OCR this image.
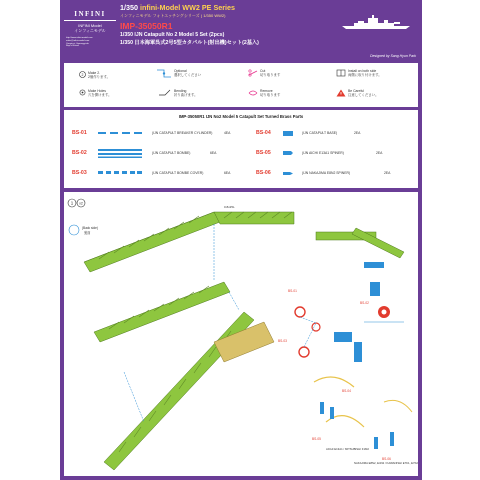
INFINI
INFINI Model
インフィニモデル
http://www.infini-model.com
order@infini-model.com
Yongin-si, Gyeonggi-do
Rep of Korea
1/350 infini-Model WW2 PE Series
インフィニモデル フォトエッチングシリーズ ( 1/350 WW2)
IMP-35050R1
1/350 IJN Catapult No 2 Model 5 Set (2pcs)
1/350 日本海軍呉式2号5型カタパルト(射出機)セット(2基入)
Designed by Sang Hyun Park
2 Make 2.
2個作ります。
Optional
選択してください
Cut
切り取ります
Install on both side
両側に取り付けます。
Make Holes
穴を開けます。
Bending
折り曲げます。
Remove
切り取ります
Be Careful
注意してください。
IMP-35050R1 IJN No2 Model 5 Catapult Set Turned Brass Parts
BS-01	(IJN CATAPULT BREAKER CYLINDER)	4EA
BS-02	(IJN CATAPULT BOMBE)	6EA
BS-03	(IJN CATAPULT BOMBE COVER)	6EA
BS-04	(IJN CATAPULT BASE)	2EA
BS-05	(IJN AICHI E13A1 SPINER)	2EA
BS-06	(IJN NAKAJIMA E8N2 SPINER)	2EA
1 x2
(Back side)
裏面
BS-01
BS-02
BS-03
BS-04
BS-05
BS-06
0.8x25L
AICHI E13A1 / MITSUBISHI F1M2
NAKAJIMA E8N2, E4N2 / KAWANISHI E7K1, E7K2
